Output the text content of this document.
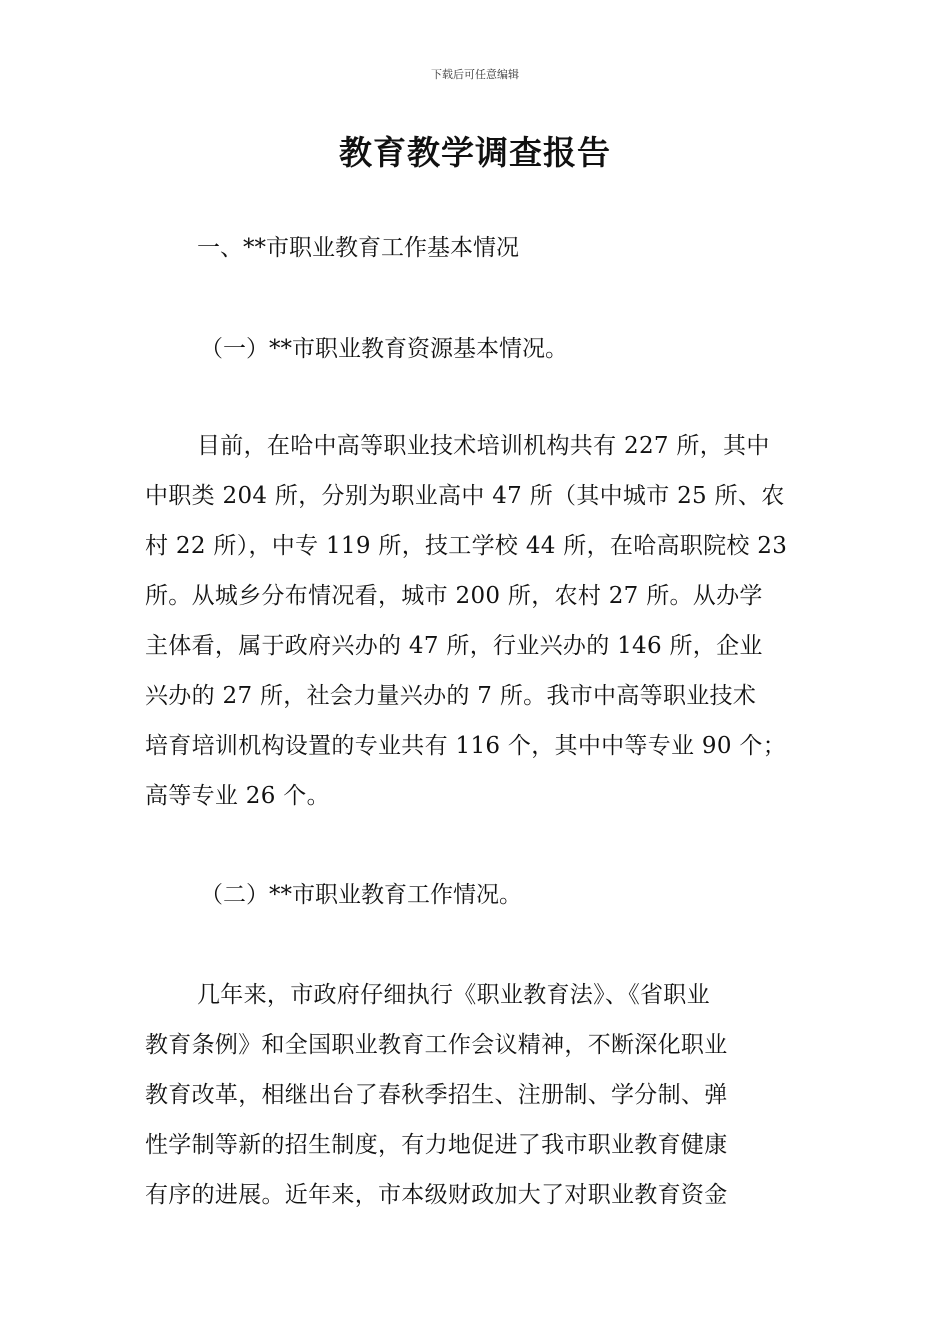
下载后可任意编辑
教育教学调查报告

一、**市职业教育工作基本情况

（一）**市职业教育资源基本情况。

目前，在哈中高等职业技术培训机构共有 227 所，其中
中职类 204 所，分别为职业高中 47 所（其中城市 25 所、农
村 22 所），中专 119 所，技工学校 44 所，在哈高职院校 23
所。从城乡分布情况看，城市 200 所，农村 27 所。从办学
主体看，属于政府兴办的 47 所，行业兴办的 146 所，企业
兴办的 27 所，社会力量兴办的 7 所。我市中高等职业技术
培育培训机构设置的专业共有 116 个，其中中等专业 90 个；
高等专业 26 个。

（二）**市职业教育工作情况。

几年来，市政府仔细执行《职业教育法》、《省职业
教育条例》和全国职业教育工作会议精神，不断深化职业
教育改革，相继出台了春秋季招生、注册制、学分制、弹
性学制等新的招生制度，有力地促进了我市职业教育健康
有序的进展。近年来，市本级财政加大了对职业教育资金
